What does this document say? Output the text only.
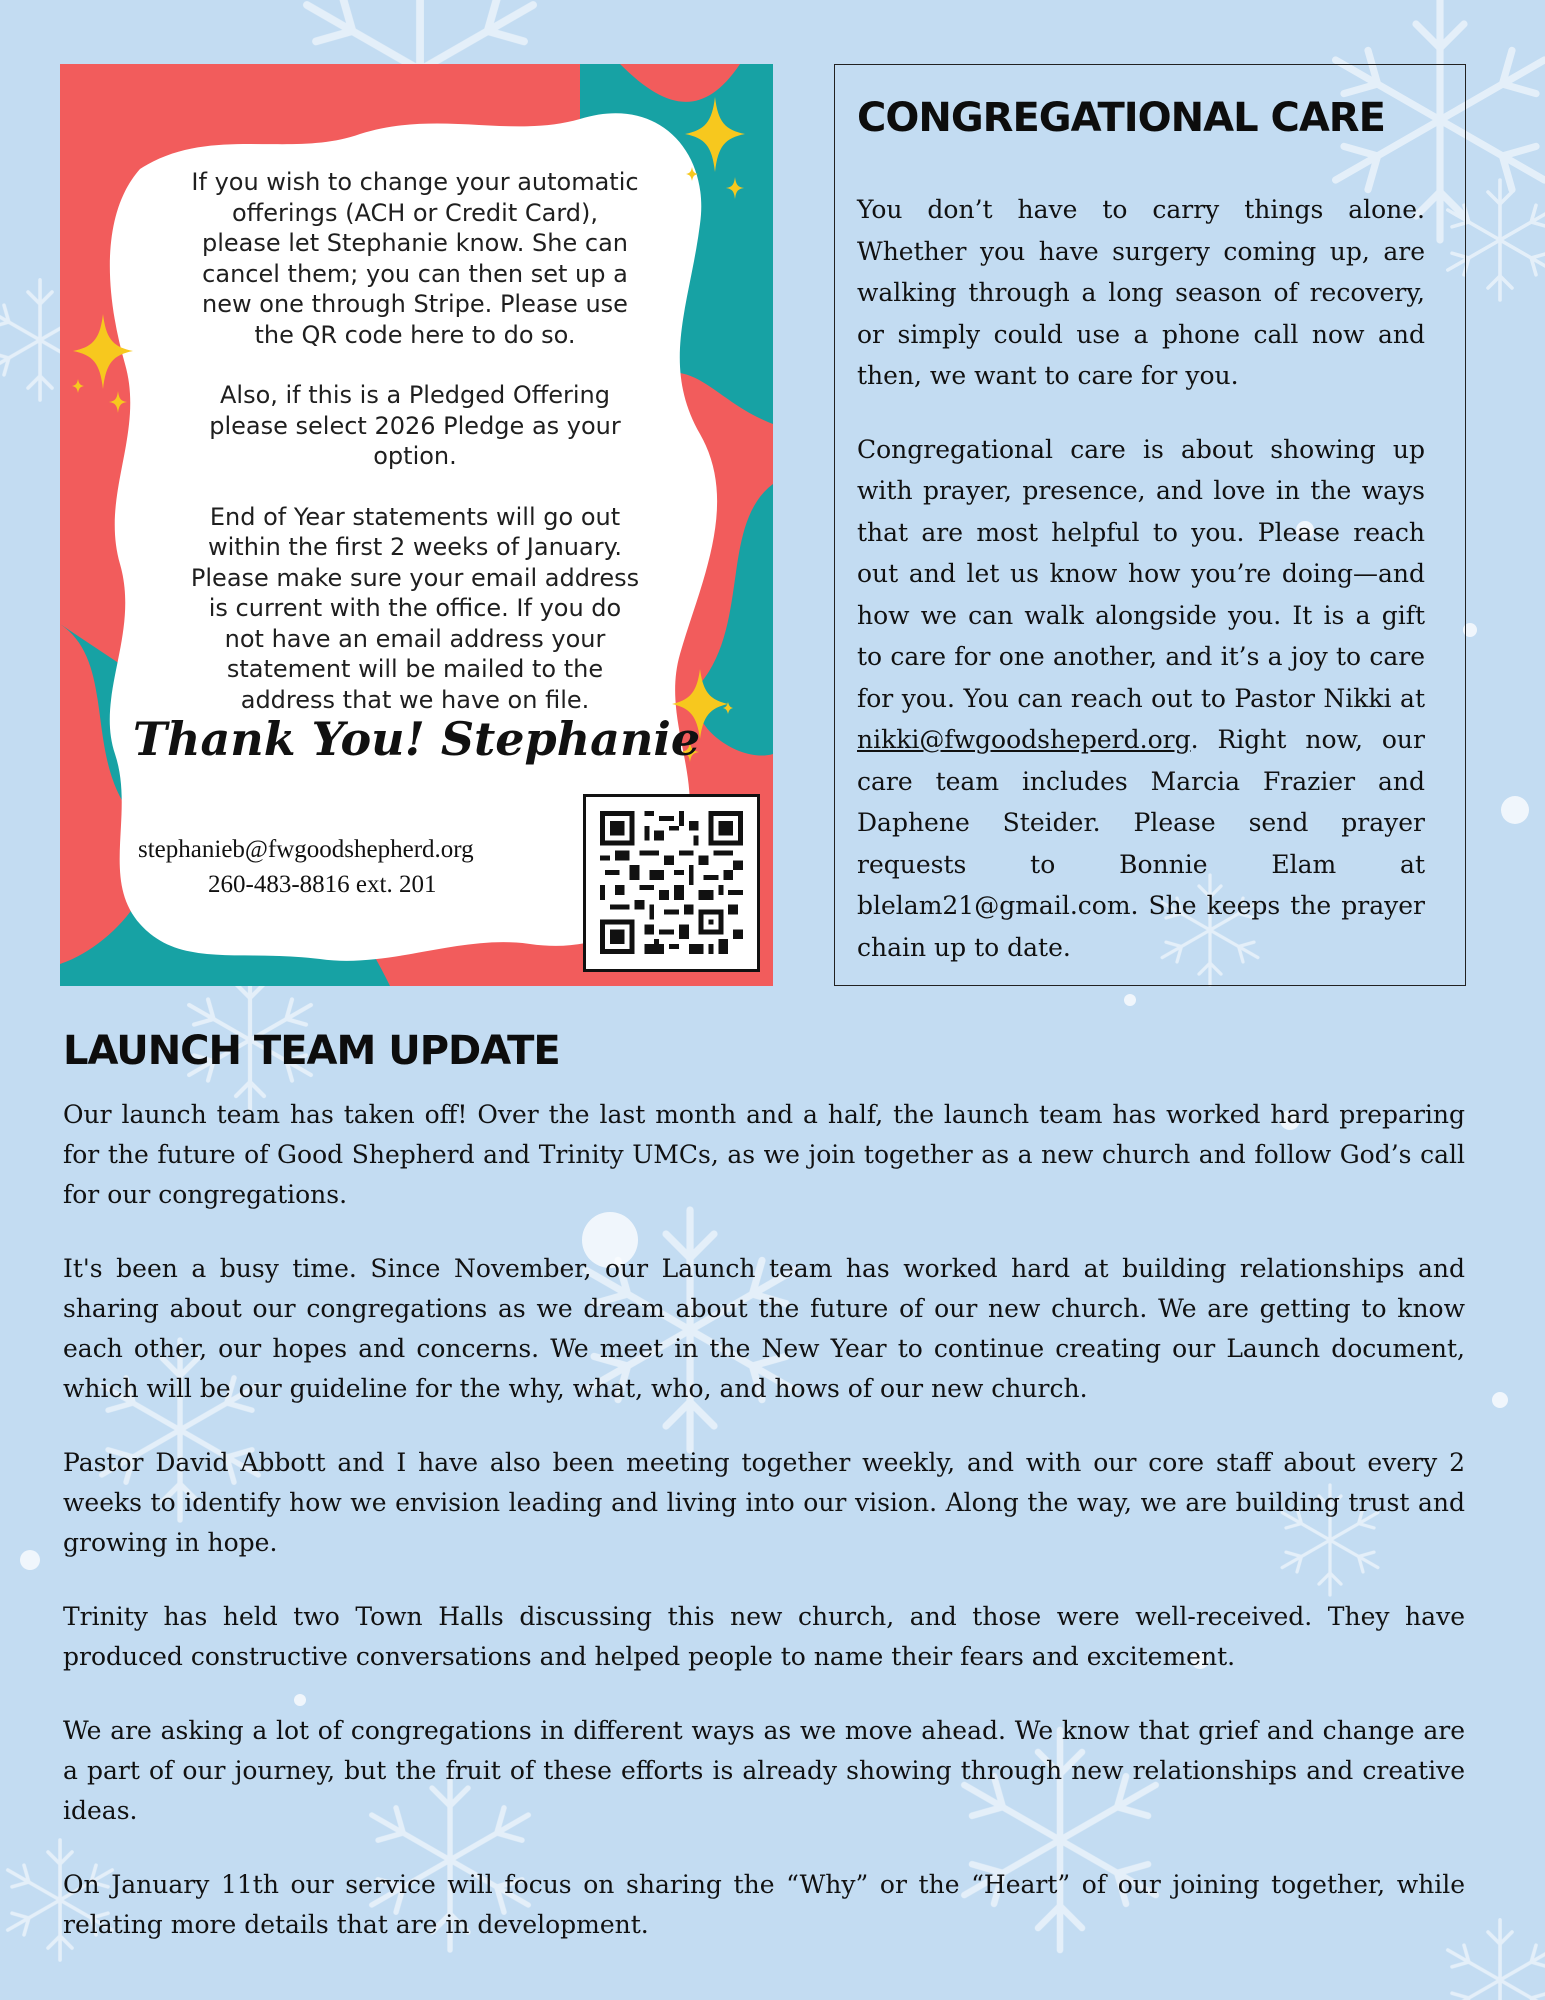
If you wish to change your automatic offerings (ACH or Credit Card), please let Stephanie know. She can cancel them; you can then set up a new one through Stripe. Please use the QR code here to do so.

Also, if this is a Pledged Offering please select 2026 Pledge as your option.

End of Year statements will go out within the first 2 weeks of January. Please make sure your email address is current with the office. If you do not have an email address your statement will be mailed to the address that we have on file.

Thank You! Stephanie
stephanieb@fwgoodshepherd.org
260-483-8816 ext. 201
CONGREGATIONAL CARE

You don’t have to carry things alone. Whether you have surgery coming up, are walking through a long season of recovery, or simply could use a phone call now and then, we want to care for you.

Congregational care is about showing up with prayer, presence, and love in the ways that are most helpful to you. Please reach out and let us know how you’re doing—and how we can walk alongside you. It is a gift to care for one another, and it’s a joy to care for you. You can reach out to Pastor Nikki at nikki@fwgoodsheperd.org. Right now, our care team includes Marcia Frazier and Daphene Steider. Please send prayer requests to Bonnie Elam at blelam21@gmail.com. She keeps the prayer chain up to date.

LAUNCH TEAM UPDATE

Our launch team has taken off! Over the last month and a half, the launch team has worked hard preparing for the future of Good Shepherd and Trinity UMCs, as we join together as a new church and follow God’s call for our congregations.

It's been a busy time. Since November, our Launch team has worked hard at building relationships and sharing about our congregations as we dream about the future of our new church. We are getting to know each other, our hopes and concerns. We meet in the New Year to continue creating our Launch document, which will be our guideline for the why, what, who, and hows of our new church.

Pastor David Abbott and I have also been meeting together weekly, and with our core staff about every 2 weeks to identify how we envision leading and living into our vision. Along the way, we are building trust and growing in hope.

Trinity has held two Town Halls discussing this new church, and those were well-received. They have produced constructive conversations and helped people to name their fears and excitement.

We are asking a lot of congregations in different ways as we move ahead. We know that grief and change are a part of our journey, but the fruit of these efforts is already showing through new relationships and creative ideas.

On January 11th our service will focus on sharing the “Why” or the “Heart” of our joining together, while relating more details that are in development.
